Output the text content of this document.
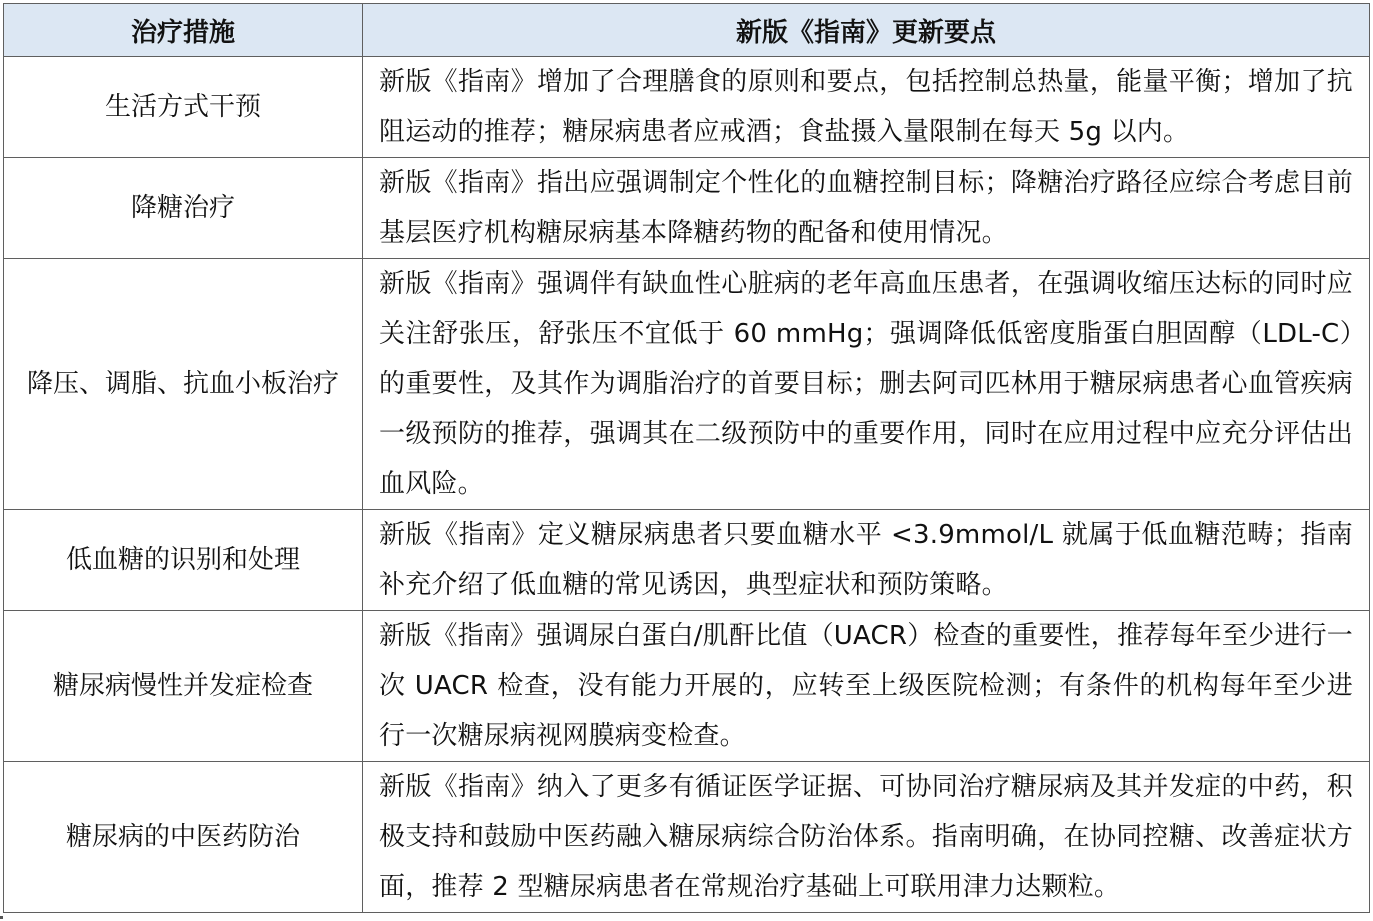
治疗措施	新版《指南》更新要点
生活方式干预	新版《指南》增加了合理膳食的原则和要点，包括控制总热量，能量平衡；增加了抗阻运动的推荐；糖尿病患者应戒酒；食盐摄入量限制在每天 5g 以内。
降糖治疗	新版《指南》指出应强调制定个性化的血糖控制目标；降糖治疗路径应综合考虑目前基层医疗机构糖尿病基本降糖药物的配备和使用情况。
降压、调脂、抗血小板治疗	新版《指南》强调伴有缺血性心脏病的老年高血压患者，在强调收缩压达标的同时应关注舒张压，舒张压不宜低于 60 mmHg；强调降低低密度脂蛋白胆固醇（LDL-C）的重要性，及其作为调脂治疗的首要目标；删去阿司匹林用于糖尿病患者心血管疾病一级预防的推荐，强调其在二级预防中的重要作用，同时在应用过程中应充分评估出血风险。
低血糖的识别和处理	新版《指南》定义糖尿病患者只要血糖水平 <3.9mmol/L 就属于低血糖范畴；指南补充介绍了低血糖的常见诱因，典型症状和预防策略。
糖尿病慢性并发症检查	新版《指南》强调尿白蛋白/肌酐比值（UACR）检查的重要性，推荐每年至少进行一次 UACR 检查，没有能力开展的，应转至上级医院检测；有条件的机构每年至少进行一次糖尿病视网膜病变检查。
糖尿病的中医药防治	新版《指南》纳入了更多有循证医学证据、可协同治疗糖尿病及其并发症的中药，积极支持和鼓励中医药融入糖尿病综合防治体系。指南明确，在协同控糖、改善症状方面，推荐 2 型糖尿病患者在常规治疗基础上可联用津力达颗粒。
